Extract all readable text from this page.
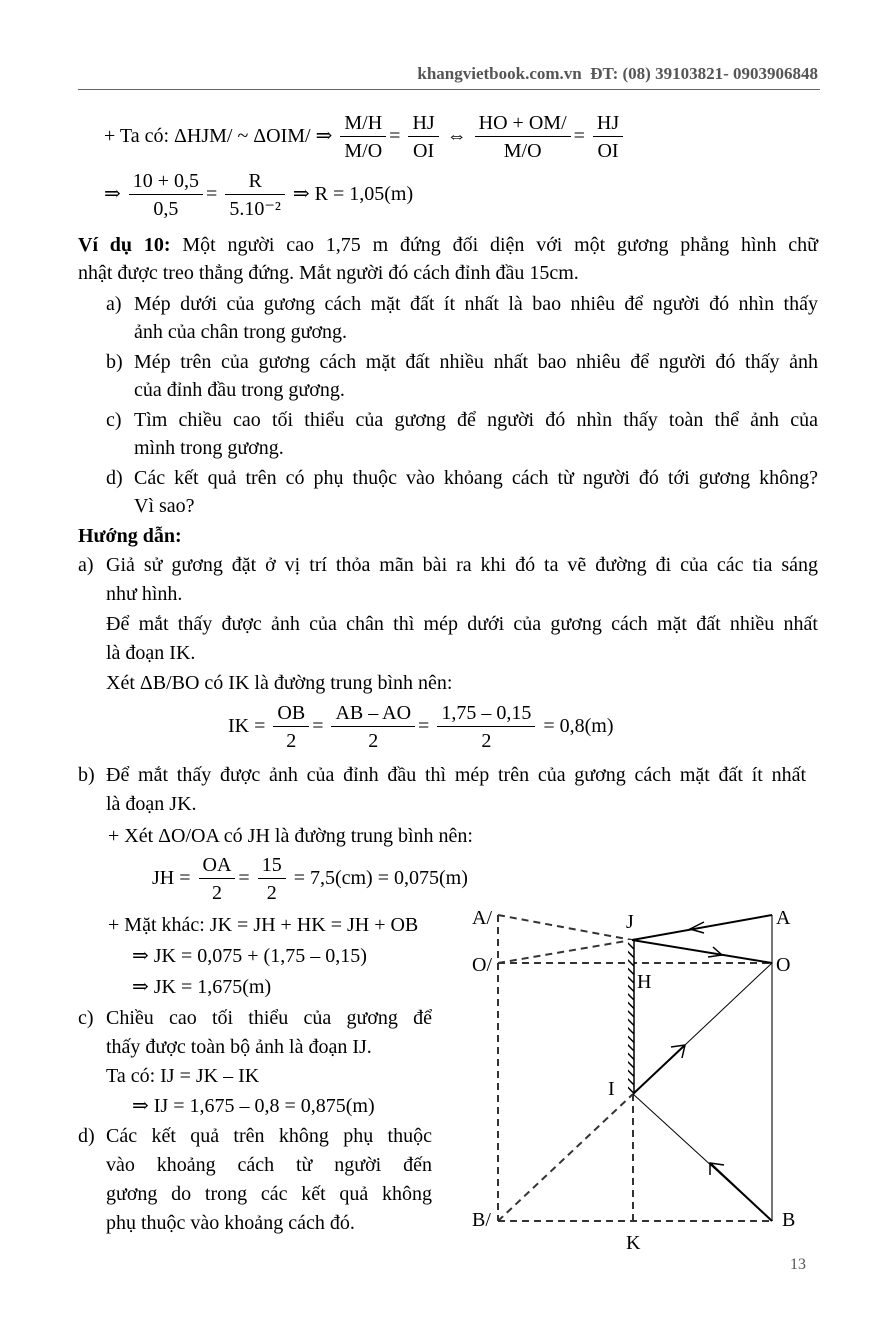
khangvietbook.com.vn ĐT: (08) 39103821- 0903906848
+ Ta có: ΔHJM/ ~ ΔOIM/ ⇒ $\frac{M/H}{M/O} = \frac{HJ}{OI}$ ⇔ $\frac{HO + OM/}{M/O} = \frac{HJ}{OI}$
⇒ $\frac{10 + 0,5}{0,5} = \frac{R}{\text{5.10⁻²}}$ ⇒ R = 1,05(m)
Ví dụ 10: Một người cao 1,75 m đứng đối diện với một gương phẳng hình chữ
nhật được treo thẳng đứng. Mắt người đó cách đỉnh đầu 15cm.
a) Mép dưới của gương cách mặt đất ít nhất là bao nhiêu để người đó nhìn thấy
ảnh của chân trong gương.
b) Mép trên của gương cách mặt đất nhiều nhất bao nhiêu để người đó thấy ảnh
của đỉnh đầu trong gương.
c) Tìm chiều cao tối thiểu của gương để người đó nhìn thấy toàn thể ảnh của
mình trong gương.
d) Các kết quả trên có phụ thuộc vào khỏang cách từ người đó tới gương không?
Vì sao?
Hướng dẫn:
a) Giả sử gương đặt ở vị trí thỏa mãn bài ra khi đó ta vẽ đường đi của các tia sáng
như hình.
Để mắt thấy được ảnh của chân thì mép dưới của gương cách mặt đất nhiều nhất
là đoạn IK.
Xét ΔB/BO có IK là đường trung bình nên:
IK = $\frac{OB}{2} = \frac{AB - AO}{2} = \frac{1,75 - 0,15}{2} = 0,8(m)$
b) Để mắt thấy được ảnh của đỉnh đầu thì mép trên của gương cách mặt đất ít nhất
là đoạn JK.
+ Xét ΔO/OA có JH là đường trung bình nên:
JH = $\frac{OA}{2} = \frac{15}{2} = 7,5(cm) = 0,075(m)$
+ Mặt khác: JK = JH + HK = JH + OB
⇒ JK = 0,075 + (1,75 – 0,15)
⇒ JK = 1,675(m)
c) Chiều cao tối thiểu của gương để
thấy được toàn bộ ảnh là đoạn IJ.
Ta có: IJ = JK – IK
⇒ IJ = 1,675 – 0,8 = 0,875(m)
d) Các kết quả trên không phụ thuộc
vào khoảng cách từ người đến
gương do trong các kết quả không
phụ thuộc vào khoảng cách đó.
A/	A
J
O/	O
H
I
B/	B
K
13
